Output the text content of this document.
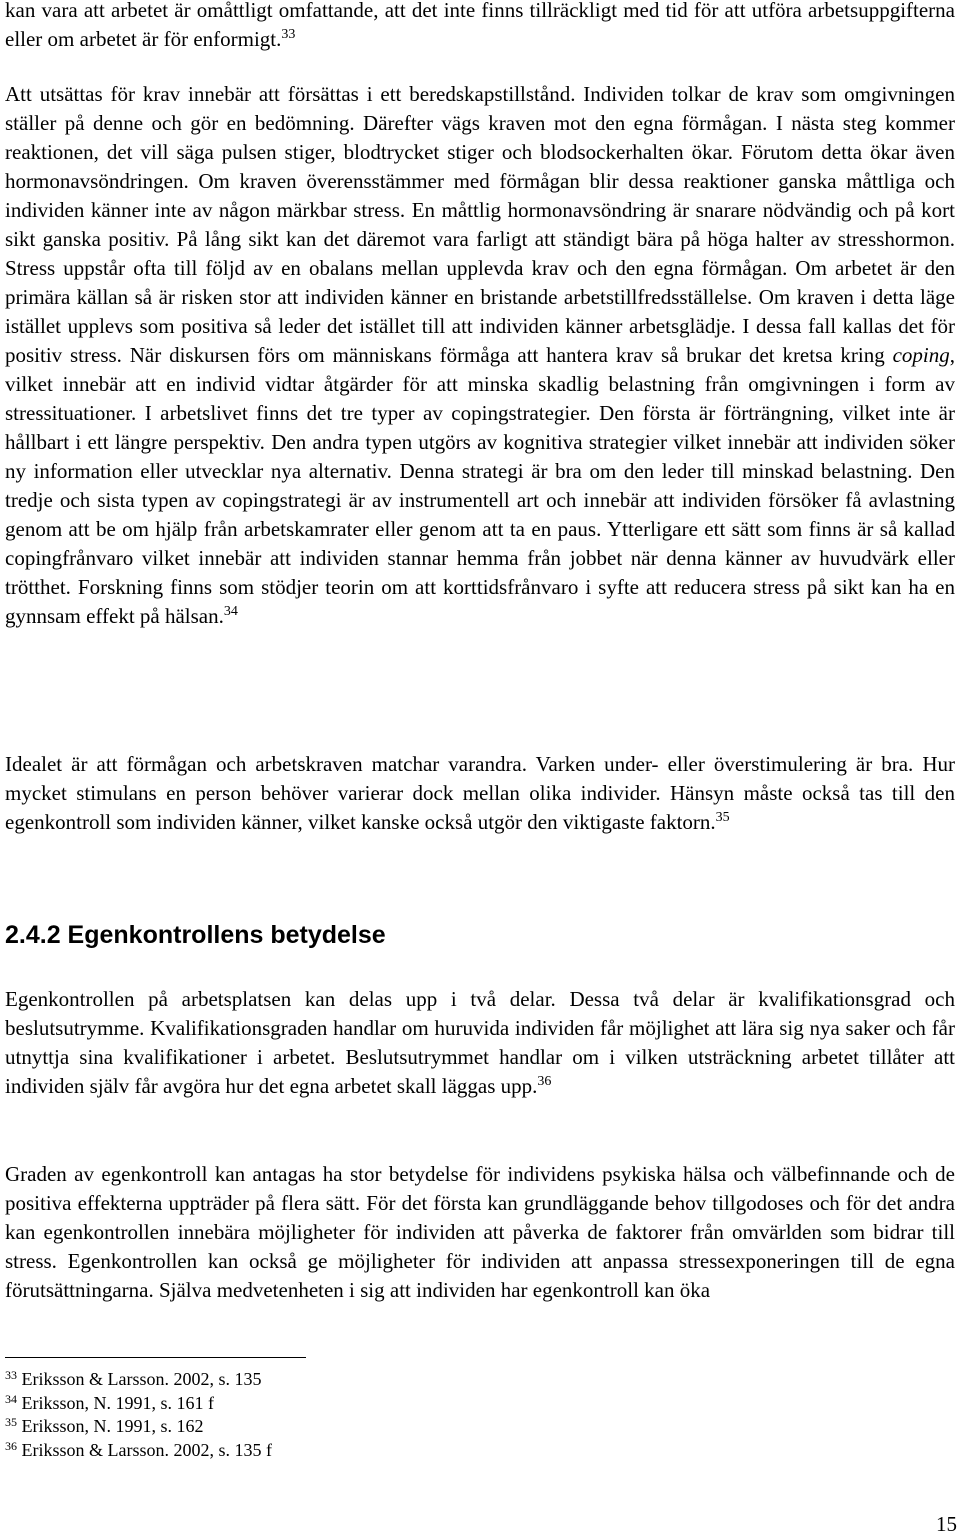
kan vara att arbetet är omåttligt omfattande, att det inte finns tillräckligt med tid för att utföra arbetsuppgifterna eller om arbetet är för enformigt.$^{33}$

Att utsättas för krav innebär att försättas i ett beredskapstillstånd. Individen tolkar de krav som omgivningen ställer på denne och gör en bedömning. Därefter vägs kraven mot den egna förmågan. I nästa steg kommer reaktionen, det vill säga pulsen stiger, blodtrycket stiger och blodsockerhalten ökar. Förutom detta ökar även hormonavsöndringen. Om kraven överensstämmer med förmågan blir dessa reaktioner ganska måttliga och individen känner inte av någon märkbar stress. En måttlig hormonavsöndring är snarare nödvändig och på kort sikt ganska positiv. På lång sikt kan det däremot vara farligt att ständigt bära på höga halter av stresshormon. Stress uppstår ofta till följd av en obalans mellan upplevda krav och den egna förmågan. Om arbetet är den primära källan så är risken stor att individen känner en bristande arbetstillfredsställelse. Om kraven i detta läge istället upplevs som positiva så leder det istället till att individen känner arbetsglädje. I dessa fall kallas det för positiv stress. När diskursen förs om människans förmåga att hantera krav så brukar det kretsa kring coping, vilket innebär att en individ vidtar åtgärder för att minska skadlig belastning från omgivningen i form av stressituationer. I arbetslivet finns det tre typer av copingstrategier. Den första är förträngning, vilket inte är hållbart i ett längre perspektiv. Den andra typen utgörs av kognitiva strategier vilket innebär att individen söker ny information eller utvecklar nya alternativ. Denna strategi är bra om den leder till minskad belastning. Den tredje och sista typen av copingstrategi är av instrumentell art och innebär att individen försöker få avlastning genom att be om hjälp från arbetskamrater eller genom att ta en paus. Ytterligare ett sätt som finns är så kallad copingfrånvaro vilket innebär att individen stannar hemma från jobbet när denna känner av huvudvärk eller trötthet. Forskning finns som stödjer teorin om att korttidsfrånvaro i syfte att reducera stress på sikt kan ha en gynnsam effekt på hälsan.$^{34}$

Idealet är att förmågan och arbetskraven matchar varandra. Varken under- eller överstimulering är bra. Hur mycket stimulans en person behöver varierar dock mellan olika individer. Hänsyn måste också tas till den egenkontroll som individen känner, vilket kanske också utgör den viktigaste faktorn.$^{35}$

2.4.2 Egenkontrollens betydelse

Egenkontrollen på arbetsplatsen kan delas upp i två delar. Dessa två delar är kvalifikationsgrad och beslutsutrymme. Kvalifikationsgraden handlar om huruvida individen får möjlighet att lära sig nya saker och får utnyttja sina kvalifikationer i arbetet. Beslutsutrymmet handlar om i vilken utsträckning arbetet tillåter att individen själv får avgöra hur det egna arbetet skall läggas upp.$^{36}$

Graden av egenkontroll kan antagas ha stor betydelse för individens psykiska hälsa och välbefinnande och de positiva effekterna uppträder på flera sätt. För det första kan grundläggande behov tillgodoses och för det andra kan egenkontrollen innebära möjligheter för individen att påverka de faktorer från omvärlden som bidrar till stress. Egenkontrollen kan också ge möjligheter för individen att anpassa stressexponeringen till de egna förutsättningarna. Själva medvetenheten i sig att individen har egenkontroll kan öka

$^{33}$ Eriksson & Larsson. 2002, s. 135
$^{34}$ Eriksson, N. 1991, s. 161 f
$^{35}$ Eriksson, N. 1991, s. 162
$^{36}$ Eriksson & Larsson. 2002, s. 135 f
15
